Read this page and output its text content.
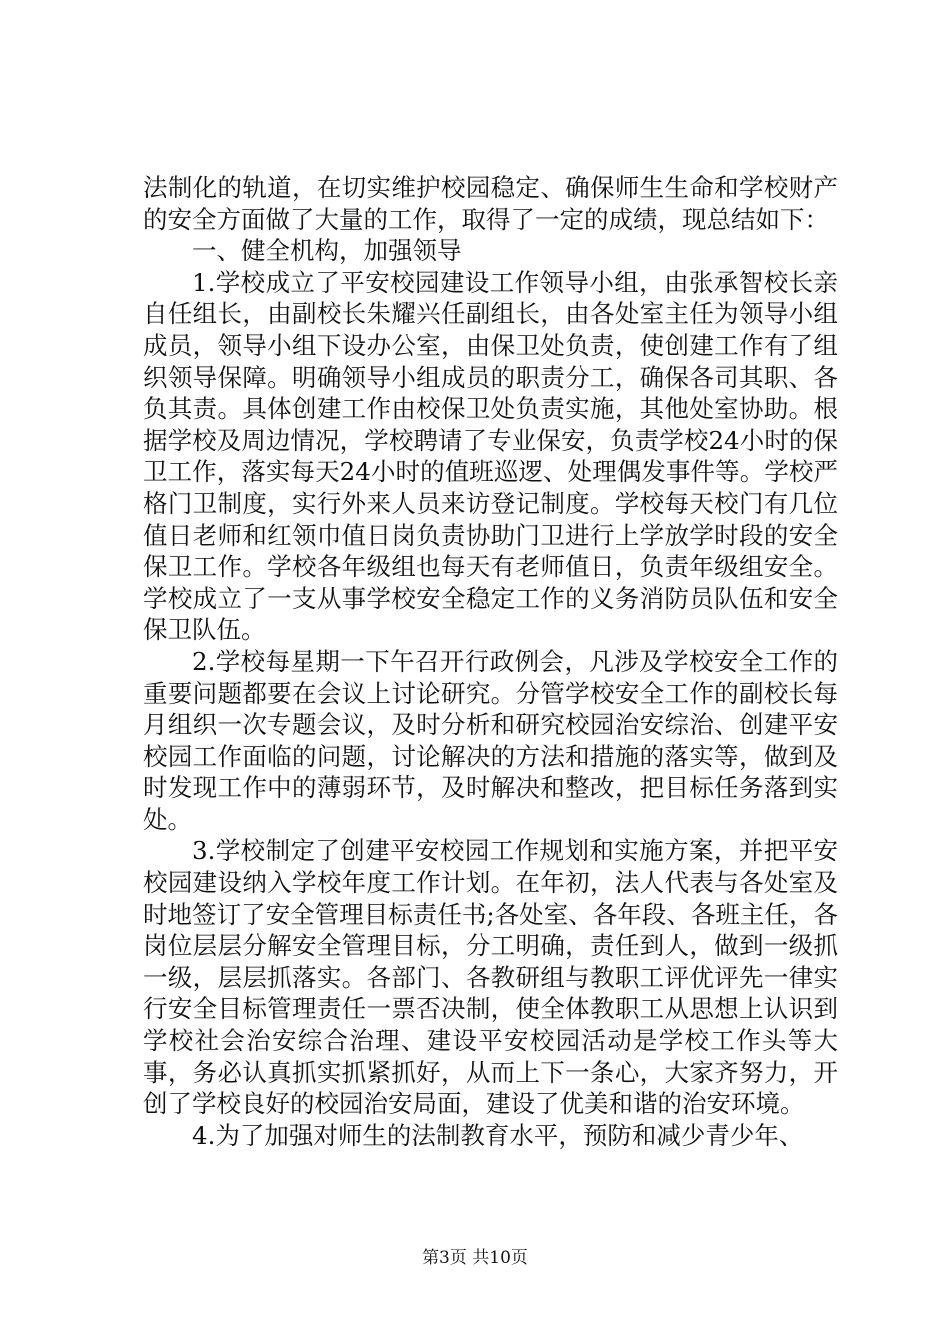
法制化的轨道，在切实维护校园稳定、确保师生生命和学校财产的安全方面做了大量的工作，取得了一定的成绩，现总结如下：

一、健全机构，加强领导

1.学校成立了平安校园建设工作领导小组，由张承智校长亲自任组长，由副校长朱耀兴任副组长，由各处室主任为领导小组成员，领导小组下设办公室，由保卫处负责，使创建工作有了组织领导保障。明确领导小组成员的职责分工，确保各司其职、各负其责。具体创建工作由校保卫处负责实施，其他处室协助。根据学校及周边情况，学校聘请了专业保安，负责学校24小时的保卫工作，落实每天24小时的值班巡逻、处理偶发事件等。学校严格门卫制度，实行外来人员来访登记制度。学校每天校门有几位值日老师和红领巾值日岗负责协助门卫进行上学放学时段的安全保卫工作。学校各年级组也每天有老师值日，负责年级组安全。学校成立了一支从事学校安全稳定工作的义务消防员队伍和安全保卫队伍。

2.学校每星期一下午召开行政例会，凡涉及学校安全工作的重要问题都要在会议上讨论研究。分管学校安全工作的副校长每月组织一次专题会议，及时分析和研究校园治安综治、创建平安校园工作面临的问题，讨论解决的方法和措施的落实等，做到及时发现工作中的薄弱环节，及时解决和整改，把目标任务落到实处。

3.学校制定了创建平安校园工作规划和实施方案，并把平安校园建设纳入学校年度工作计划。在年初，法人代表与各处室及时地签订了安全管理目标责任书;各处室、各年段、各班主任，各岗位层层分解安全管理目标，分工明确，责任到人，做到一级抓一级，层层抓落实。各部门、各教研组与教职工评优评先一律实行安全目标管理责任一票否决制，使全体教职工从思想上认识到学校社会治安综合治理、建设平安校园活动是学校工作头等大事，务必认真抓实抓紧抓好，从而上下一条心，大家齐努力，开创了学校良好的校园治安局面，建设了优美和谐的治安环境。

4.为了加强对师生的法制教育水平，预防和减少青少年、

第3页 共10页
